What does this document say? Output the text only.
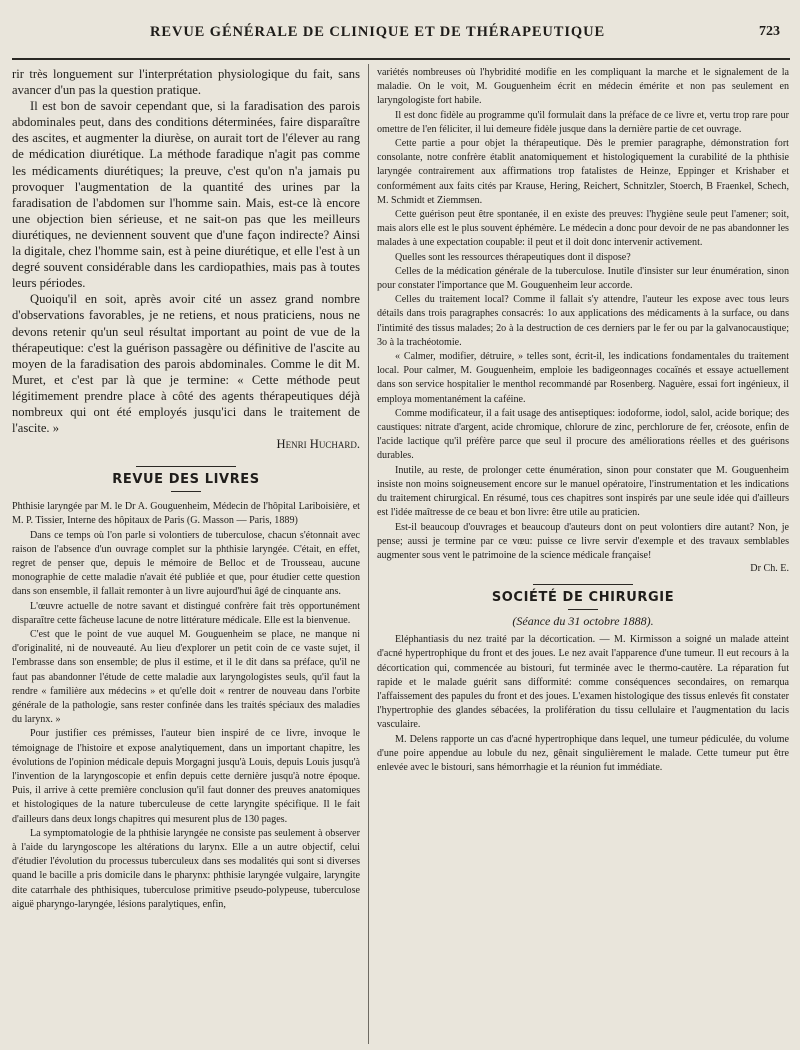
REVUE GÉNÉRALE DE CLINIQUE ET DE THÉRAPEUTIQUE	723

rir très longuement sur l'interprétation physiologique du fait, sans avancer d'un pas la question pratique.

Il est bon de savoir cependant que, si la faradisation des parois abdominales peut, dans des conditions déterminées, faire disparaître des ascites, et augmenter la diurèse, on aurait tort de l'élever au rang de médication diurétique. La méthode faradique n'agit pas comme les médicaments diurétiques; la preuve, c'est qu'on n'a jamais pu provoquer l'augmentation de la quantité des urines par la faradisation de l'abdomen sur l'homme sain. Mais, est-ce là encore une objection bien sérieuse, et ne sait-on pas que les meilleurs diurétiques, ne deviennent souvent que d'une façon indirecte? Ainsi la digitale, chez l'homme sain, est à peine diurétique, et elle l'est à un degré souvent considérable dans les cardiopathies, mais pas à toutes leurs périodes.

Quoiqu'il en soit, après avoir cité un assez grand nombre d'observations favorables, je ne retiens, et nous praticiens, nous ne devons retenir qu'un seul résultat important au point de vue de la thérapeutique: c'est la guérison passagère ou définitive de l'ascite au moyen de la faradisation des parois abdominales. Comme le dit M. Muret, et c'est par là que je termine: « Cette méthode peut légitimement prendre place à côté des agents thérapeutiques déjà nombreux qui ont été employés jusqu'ici dans le traitement de l'ascite. »

Henri Huchard.

REVUE DES LIVRES

Phthisie laryngée par M. le Dr A. Gouguenheim, Médecin de l'hôpital Lariboisière, et M. P. Tissier, Interne des hôpitaux de Paris (G. Masson — Paris, 1889)

Dans ce temps où l'on parle si volontiers de tuberculose, chacun s'étonnait avec raison de l'absence d'un ouvrage complet sur la phthisie laryngée. C'était, en effet, regret de penser que, depuis le mémoire de Belloc et de Trousseau, aucune monographie de cette maladie n'avait été publiée et que, pour étudier cette question dans son ensemble, il fallait remonter à un livre aujourd'hui âgé de cinquante ans.

L'œuvre actuelle de notre savant et distingué confrère fait très opportunément disparaître cette fâcheuse lacune de notre littérature médicale. Elle est la bienvenue.

C'est que le point de vue auquel M. Gouguenheim se place, ne manque ni d'originalité, ni de nouveauté. Au lieu d'explorer un petit coin de ce vaste sujet, il l'embrasse dans son ensemble; de plus il estime, et il le dit dans sa préface, qu'il ne faut pas abandonner l'étude de cette maladie aux laryngologistes seuls, qu'il faut la rendre « familière aux médecins » et qu'elle doit « rentrer de nouveau dans l'orbite générale de la pathologie, sans rester confinée dans les traités spéciaux des maladies du larynx. »

Pour justifier ces prémisses, l'auteur bien inspiré de ce livre, invoque le témoignage de l'histoire et expose analytiquement, dans un important chapitre, les évolutions de l'opinion médicale depuis Morgagni jusqu'à Louis, depuis Louis jusqu'à l'invention de la laryngoscopie et enfin depuis cette dernière jusqu'à notre époque. Puis, il arrive à cette première conclusion qu'il faut donner des preuves anatomiques et histologiques de la nature tuberculeuse de cette laryngite spécifique. Il le fait d'ailleurs dans deux longs chapitres qui mesurent plus de 130 pages.

La symptomatologie de la phthisie laryngée ne consiste pas seulement à observer à l'aide du laryngoscope les altérations du larynx. Elle a un autre objectif, celui d'étudier l'évolution du processus tuberculeux dans ses modalités qui sont si diverses quand le bacille a pris domicile dans le pharynx: phthisie laryngée vulgaire, laryngite dite catarrhale des phthisiques, tuberculose primitive pseudo-polypeuse, tuberculose aiguë pharyngo-laryngée, lésions paralytiques, enfin,

variétés nombreuses où l'hybridité modifie en les compliquant la marche et le signalement de la maladie. On le voit, M. Gouguenheim écrit en médecin émérite et non pas seulement en laryngologiste fort habile.

Il est donc fidèle au programme qu'il formulait dans la préface de ce livre et, vertu trop rare pour omettre de l'en féliciter, il lui demeure fidèle jusque dans la dernière partie de cet ouvrage.

Cette partie a pour objet la thérapeutique. Dès le premier paragraphe, démonstration fort consolante, notre confrère établit anatomiquement et histologiquement la curabilité de la phthisie laryngée contrairement aux affirmations trop fatalistes de Heinze, Eppinger et Krishaber et conformément aux faits cités par Krause, Hering, Reichert, Schnitzler, Stoerch, B Fraenkel, Schech, M. Schmidt et Ziemmsen.

Cette guérison peut être spontanée, il en existe des preuves: l'hygiène seule peut l'amener; soit, mais alors elle est le plus souvent éphémère. Le médecin a donc pour devoir de ne pas abandonner les malades à une expectation coupable: il peut et il doit donc intervenir activement.

Quelles sont les ressources thérapeutiques dont il dispose?

Celles de la médication générale de la tuberculose. Inutile d'insister sur leur énumération, sinon pour constater l'importance que M. Gouguenheim leur accorde.

Celles du traitement local? Comme il fallait s'y attendre, l'auteur les expose avec tous leurs détails dans trois paragraphes consacrés: 1o aux applications des médicaments à la surface, ou dans l'intimité des tissus malades; 2o à la destruction de ces derniers par le fer ou par la galvanocaustique; 3o à la trachéotomie.

« Calmer, modifier, détruire, » telles sont, écrit-il, les indications fondamentales du traitement local. Pour calmer, M. Gouguenheim, emploie les badigeonnages cocaïnés et essaye actuellement dans son service hospitalier le menthol recommandé par Rosenberg. Naguère, essai fort ingénieux, il employa momentanément la caféine.

Comme modificateur, il a fait usage des antiseptiques: iodoforme, iodol, salol, acide borique; des caustiques: nitrate d'argent, acide chromique, chlorure de zinc, perchlorure de fer, créosote, enfin de l'acide lactique qu'il préfère parce que seul il procure des améliorations réelles et des guérisons durables.

Inutile, au reste, de prolonger cette énumération, sinon pour constater que M. Gouguenheim insiste non moins soigneusement encore sur le manuel opératoire, l'instrumentation et les indications du traitement chirurgical. En résumé, tous ces chapitres sont inspirés par une seule idée qui d'ailleurs est l'idée maîtresse de ce beau et bon livre: être utile au praticien.

Est-il beaucoup d'ouvrages et beaucoup d'auteurs dont on peut volontiers dire autant? Non, je pense; aussi je termine par ce vœu: puisse ce livre servir d'exemple et des travaux semblables augmenter sous vent le patrimoine de la science médicale française!

Dr Ch. E.

SOCIÉTÉ DE CHIRURGIE

(Séance du 31 octobre 1888).

Eléphantiasis du nez traité par la décortication. — M. Kirmisson a soigné un malade atteint d'acné hypertrophique du front et des joues. Le nez avait l'apparence d'une tumeur. Il eut recours à la décortication qui, commencée au bistouri, fut terminée avec le thermo-cautère. La réparation fut rapide et le malade guérit sans difformité: comme conséquences secondaires, on remarqua l'affaissement des papules du front et des joues. L'examen histologique des tissus enlevés fit constater l'hypertrophie des glandes sébacées, la prolifération du tissu cellulaire et l'augmentation du lacis vasculaire.

M. Delens rapporte un cas d'acné hypertrophique dans lequel, une tumeur pédiculée, du volume d'une poire appendue au lobule du nez, gênait singulièrement le malade. Cette tumeur put être enlevée avec le bistouri, sans hémorrhagie et la réunion fut immédiate.
